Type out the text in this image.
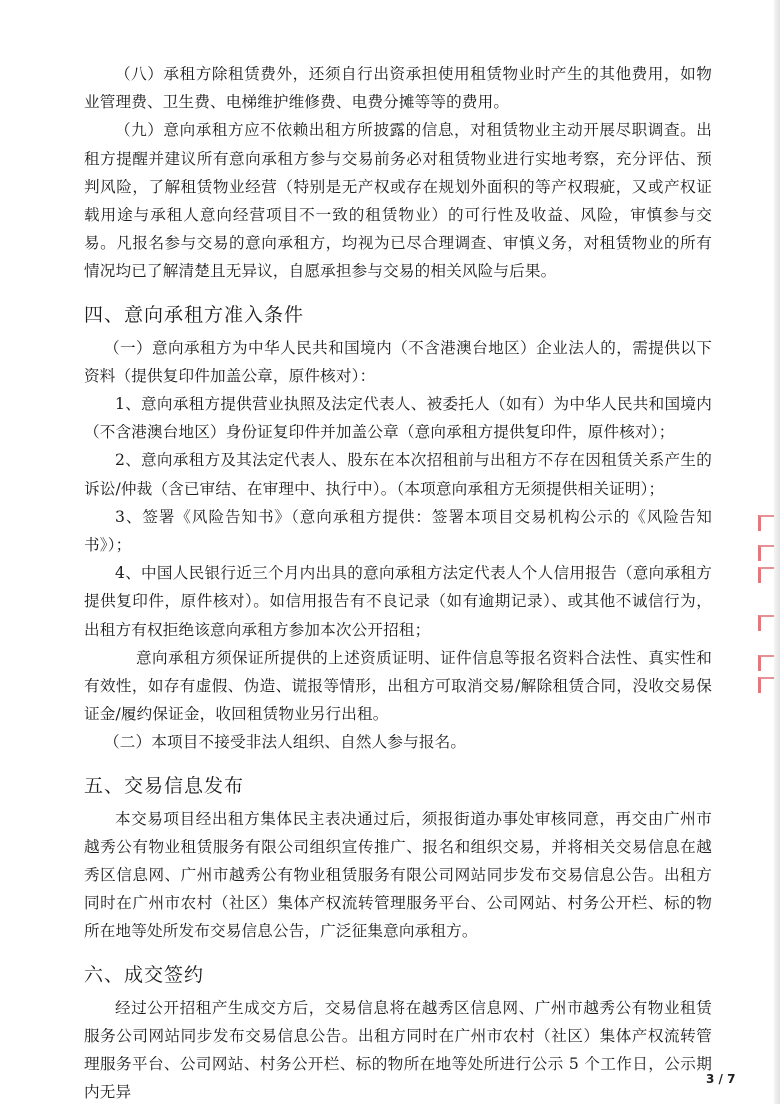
（八）承租方除租赁费外，还须自行出资承担使用租赁物业时产生的其他费用，如物业管理费、卫生费、电梯维护维修费、电费分摊等等的费用。

（九）意向承租方应不依赖出租方所披露的信息，对租赁物业主动开展尽职调查。出租方提醒并建议所有意向承租方参与交易前务必对租赁物业进行实地考察，充分评估、预判风险，了解租赁物业经营（特别是无产权或存在规划外面积的等产权瑕疵，又或产权证载用途与承租人意向经营项目不一致的租赁物业）的可行性及收益、风险，审慎参与交易。凡报名参与交易的意向承租方，均视为已尽合理调查、审慎义务，对租赁物业的所有情况均已了解清楚且无异议，自愿承担参与交易的相关风险与后果。

四、意向承租方准入条件

（一）意向承租方为中华人民共和国境内（不含港澳台地区）企业法人的，需提供以下资料（提供复印件加盖公章，原件核对）：

1、意向承租方提供营业执照及法定代表人、被委托人（如有）为中华人民共和国境内（不含港澳台地区）身份证复印件并加盖公章（意向承租方提供复印件，原件核对）；

2、意向承租方及其法定代表人、股东在本次招租前与出租方不存在因租赁关系产生的诉讼/仲裁（含已审结、在审理中、执行中）。（本项意向承租方无须提供相关证明）；

3、签署《风险告知书》（意向承租方提供：签署本项目交易机构公示的《风险告知书》）；

4、中国人民银行近三个月内出具的意向承租方法定代表人个人信用报告（意向承租方提供复印件，原件核对）。如信用报告有不良记录（如有逾期记录）、或其他不诚信行为，出租方有权拒绝该意向承租方参加本次公开招租；

意向承租方须保证所提供的上述资质证明、证件信息等报名资料合法性、真实性和有效性，如存有虚假、伪造、谎报等情形，出租方可取消交易/解除租赁合同，没收交易保证金/履约保证金，收回租赁物业另行出租。

（二）本项目不接受非法人组织、自然人参与报名。

五、交易信息发布

本交易项目经出租方集体民主表决通过后，须报街道办事处审核同意，再交由广州市越秀公有物业租赁服务有限公司组织宣传推广、报名和组织交易，并将相关交易信息在越秀区信息网、广州市越秀公有物业租赁服务有限公司网站同步发布交易信息公告。出租方同时在广州市农村（社区）集体产权流转管理服务平台、公司网站、村务公开栏、标的物所在地等处所发布交易信息公告，广泛征集意向承租方。

六、成交签约

经过公开招租产生成交方后，交易信息将在越秀区信息网、广州市越秀公有物业租赁服务公司网站同步发布交易信息公告。出租方同时在广州市农村（社区）集体产权流转管理服务平台、公司网站、村务公开栏、标的物所在地等处所进行公示 5 个工作日，公示期内无异

3 / 7
